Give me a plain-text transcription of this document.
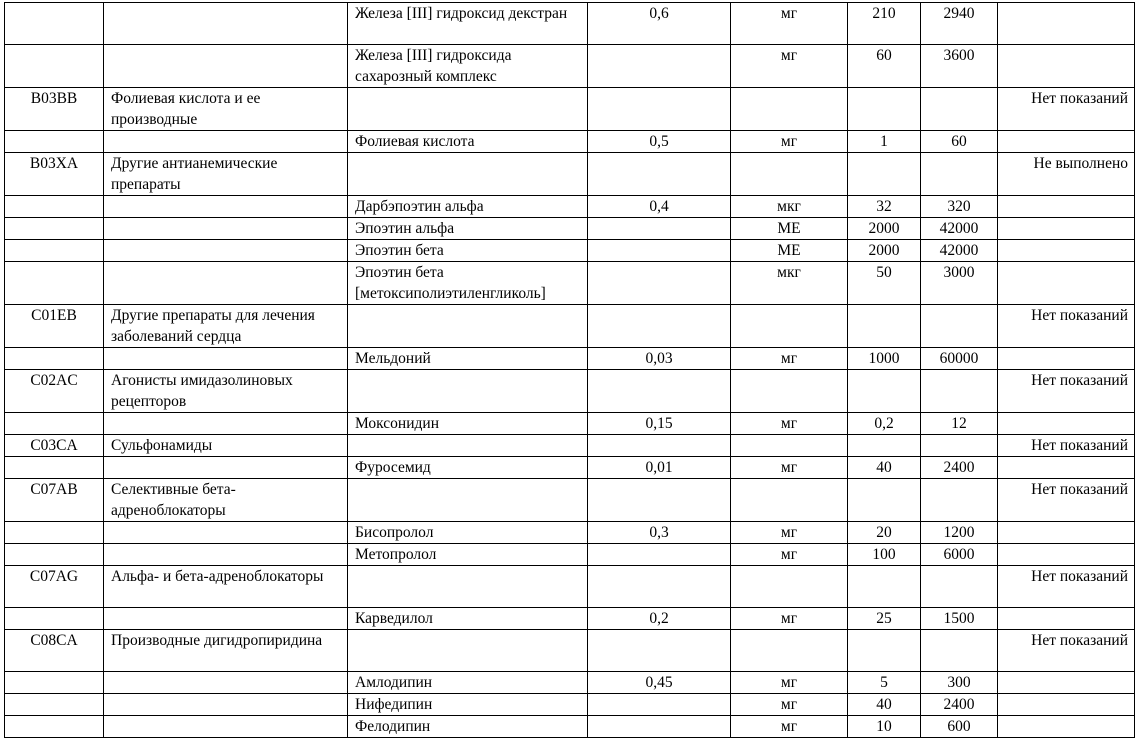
		Железа [III] гидроксид декстран	0,6	мг	210	2940	
		Железа [III] гидроксида сахарозный комплекс		мг	60	3600	
B03BB	Фолиевая кислота и ее производные						Нет показаний
		Фолиевая кислота	0,5	мг	1	60	
B03XA	Другие антианемические препараты						Не выполнено
		Дарбэпоэтин альфа	0,4	мкг	32	320	
		Эпоэтин альфа		МЕ	2000	42000	
		Эпоэтин бета		МЕ	2000	42000	
		Эпоэтин бета [метоксиполиэтиленгликоль]		мкг	50	3000	
C01EB	Другие препараты для лечения заболеваний сердца						Нет показаний
		Мельдоний	0,03	мг	1000	60000	
C02AC	Агонисты имидазолиновых рецепторов						Нет показаний
		Моксонидин	0,15	мг	0,2	12	
C03CA	Сульфонамиды						Нет показаний
		Фуросемид	0,01	мг	40	2400	
C07AB	Селективные бета-адреноблокаторы						Нет показаний
		Бисопролол	0,3	мг	20	1200	
		Метопролол		мг	100	6000	
C07AG	Альфа- и бета-адреноблокаторы						Нет показаний
		Карведилол	0,2	мг	25	1500	
C08CA	Производные дигидропиридина						Нет показаний
		Амлодипин	0,45	мг	5	300	
		Нифедипин		мг	40	2400	
		Фелодипин		мг	10	600	
